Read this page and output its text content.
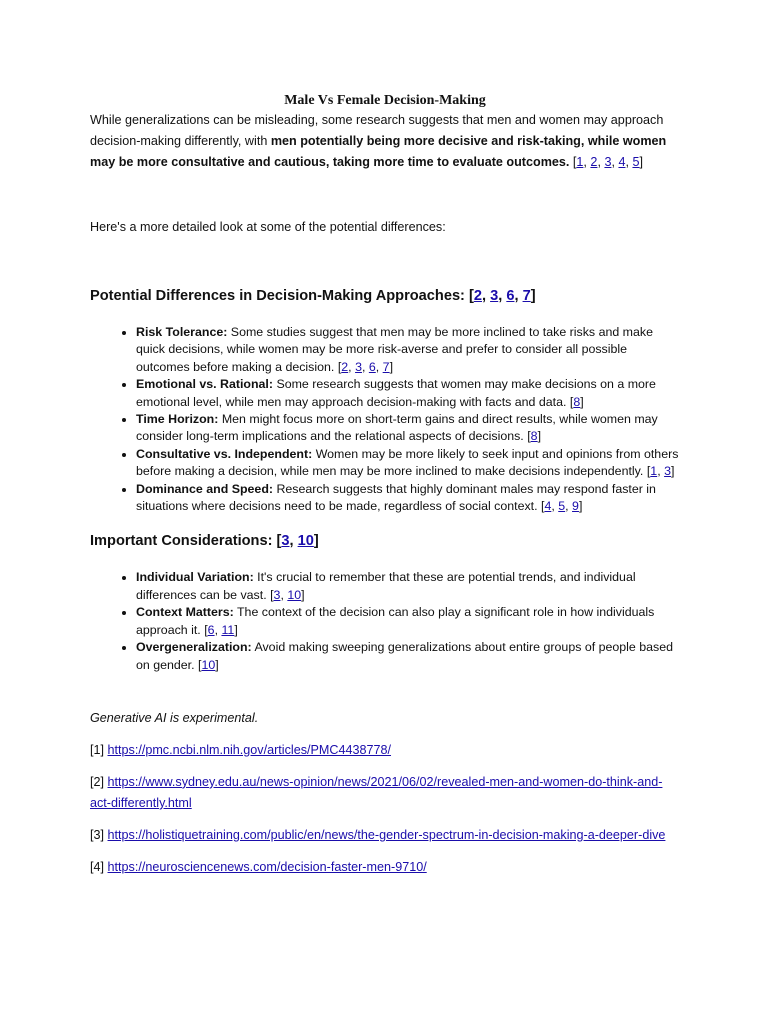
Male Vs Female Decision-Making

While generalizations can be misleading, some research suggests that men and women may approach decision-making differently, with men potentially being more decisive and risk-taking, while women may be more consultative and cautious, taking more time to evaluate outcomes. [1, 2, 3, 4, 5]

Here's a more detailed look at some of the potential differences:

Potential Differences in Decision-Making Approaches: [2, 3, 6, 7]
• Risk Tolerance: Some studies suggest that men may be more inclined to take risks and make quick decisions, while women may be more risk-averse and prefer to consider all possible outcomes before making a decision. [2, 3, 6, 7]
• Emotional vs. Rational: Some research suggests that women may make decisions on a more emotional level, while men may approach decision-making with facts and data. [8]
• Time Horizon: Men might focus more on short-term gains and direct results, while women may consider long-term implications and the relational aspects of decisions. [8]
• Consultative vs. Independent: Women may be more likely to seek input and opinions from others before making a decision, while men may be more inclined to make decisions independently. [1, 3]
• Dominance and Speed: Research suggests that highly dominant males may respond faster in situations where decisions need to be made, regardless of social context. [4, 5, 9]
Important Considerations: [3, 10]
• Individual Variation: It's crucial to remember that these are potential trends, and individual differences can be vast. [3, 10]
• Context Matters: The context of the decision can also play a significant role in how individuals approach it. [6, 11]
• Overgeneralization: Avoid making sweeping generalizations about entire groups of people based on gender. [10]

Generative AI is experimental.

[1] https://pmc.ncbi.nlm.nih.gov/articles/PMC4438778/

[2] https://www.sydney.edu.au/news-opinion/news/2021/06/02/revealed-men-and-women-do-think-and-act-differently.html

[3] https://holistiquetraining.com/public/en/news/the-gender-spectrum-in-decision-making-a-deeper-dive

[4] https://neurosciencenews.com/decision-faster-men-9710/
